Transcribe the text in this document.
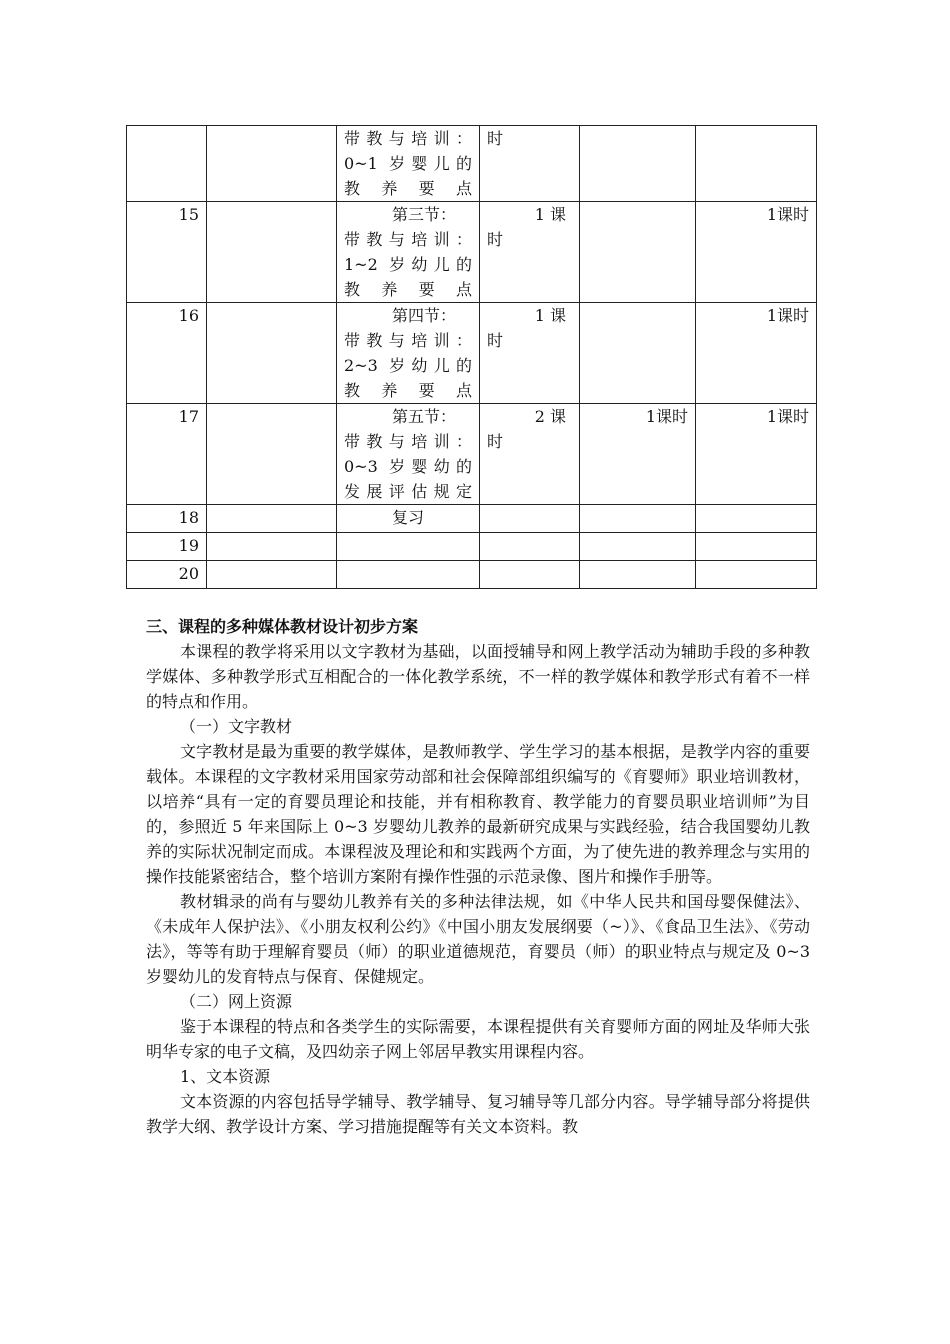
		带教与培训：
0~1 岁婴儿的
教养要点	时		

15		第三节：
带教与培训：
1~2 岁幼儿的
教养要点	1 课
时		1课时
16		第四节：
带教与培训：
2~3 岁幼儿的
教养要点	1 课
时		1课时
17		第五节：
带教与培训：
0~3 岁婴幼的
发展评估规定	2 课
时	1课时	1课时
18		复习			

19					
20					

三、课程的多种媒体教材设计初步方案

本课程的教学将采用以文字教材为基础，以面授辅导和网上教学活动为辅助手段的多种教学媒体、多种教学形式互相配合的一体化教学系统，不一样的教学媒体和教学形式有着不一样的特点和作用。

（一）文字教材

文字教材是最为重要的教学媒体，是教师教学、学生学习的基本根据，是教学内容的重要载体。本课程的文字教材采用国家劳动部和社会保障部组织编写的《育婴师》职业培训教材，以培养“具有一定的育婴员理论和技能，并有相称教育、教学能力的育婴员职业培训师”为目的，参照近 5 年来国际上 0~3 岁婴幼儿教养的最新研究成果与实践经验，结合我国婴幼儿教养的实际状况制定而成。本课程波及理论和和实践两个方面，为了使先进的教养理念与实用的操作技能紧密结合，整个培训方案附有操作性强的示范录像、图片和操作手册等。

教材辑录的尚有与婴幼儿教养有关的多种法律法规，如《中华人民共和国母婴保健法》、《未成年人保护法》、《小朋友权利公约》《中国小朋友发展纲要（~）》、《食品卫生法》、《劳动法》，等等有助于理解育婴员（师）的职业道德规范，育婴员（师）的职业特点与规定及 0~3 岁婴幼儿的发育特点与保育、保健规定。

（二）网上资源

鉴于本课程的特点和各类学生的实际需要，本课程提供有关育婴师方面的网址及华师大张明华专家的电子文稿，及四幼亲子网上邻居早教实用课程内容。

1、文本资源

文本资源的内容包括导学辅导、教学辅导、复习辅导等几部分内容。导学辅导部分将提供教学大纲、教学设计方案、学习措施提醒等有关文本资料。教
